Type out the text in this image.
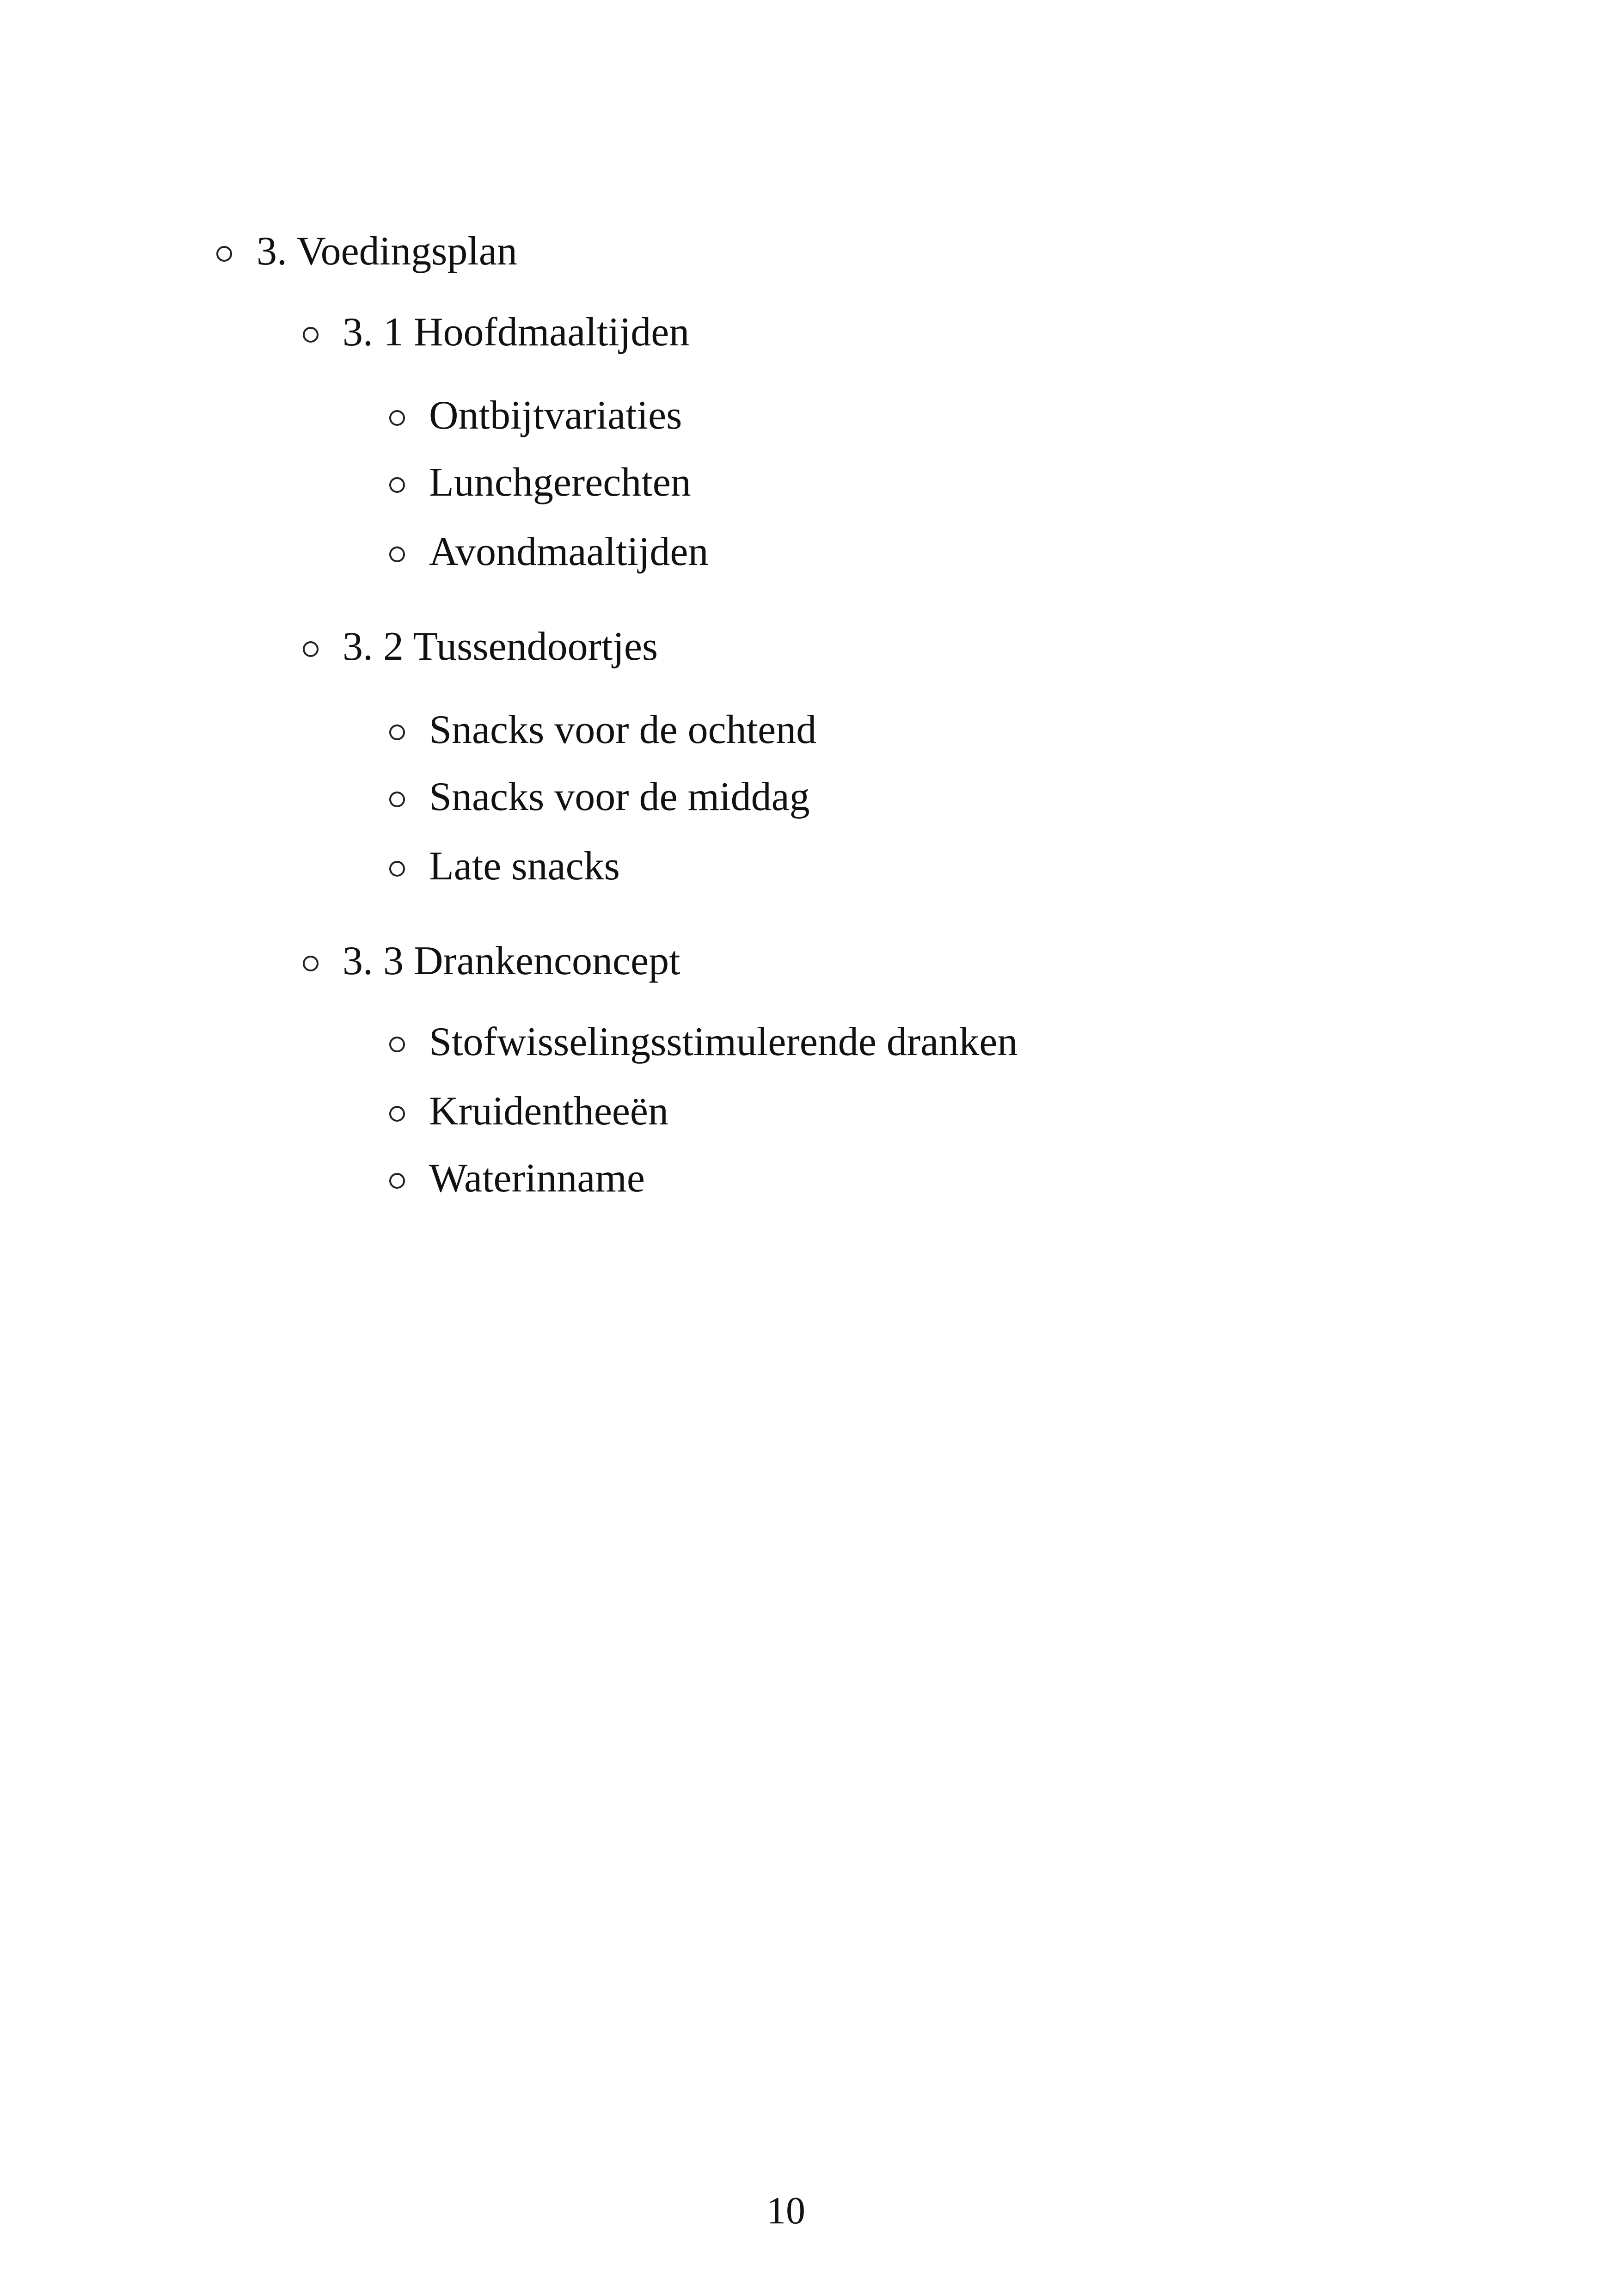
3. Voedingsplan
3. 1 Hoofdmaaltijden
Ontbijtvariaties
Lunchgerechten
Avondmaaltijden
3. 2 Tussendoortjes
Snacks voor de ochtend
Snacks voor de middag
Late snacks
3. 3 Drankenconcept
Stofwisselingsstimulerende dranken
Kruidentheeën
Waterinname
10
